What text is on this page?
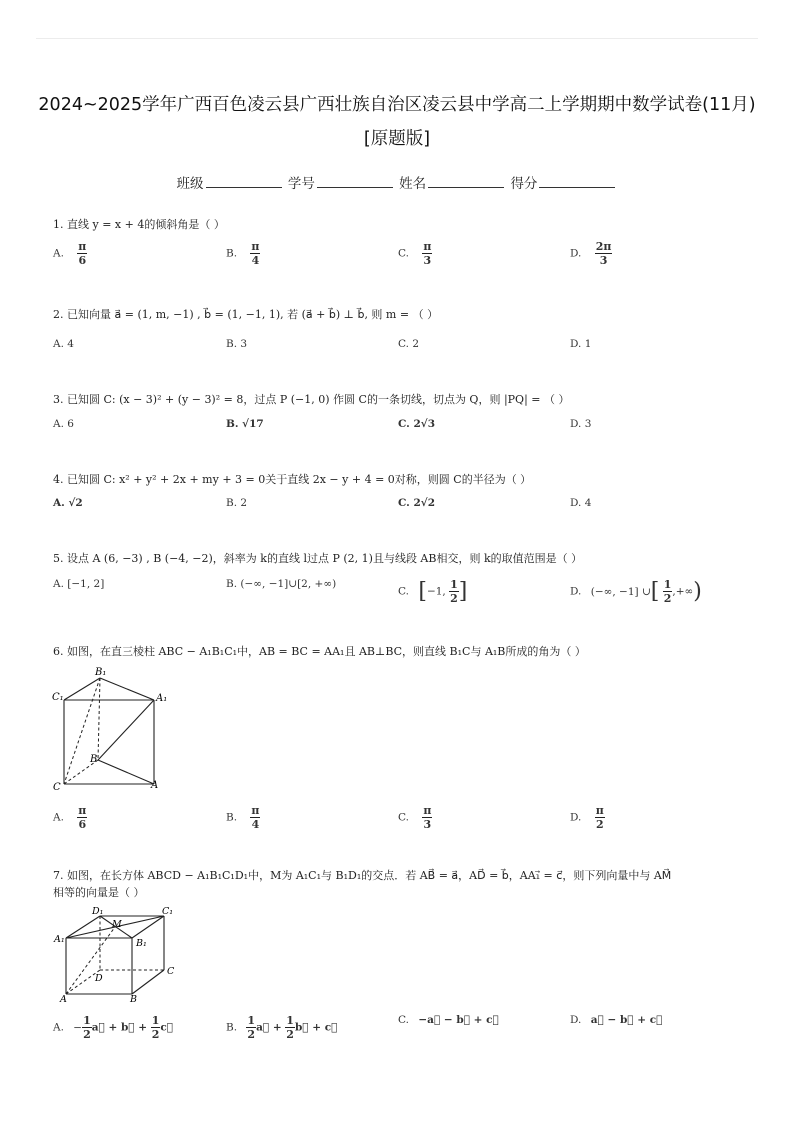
2024~2025学年广西百色凌云县广西壮族自治区凌云县中学高二上学期期中数学试卷(11月)[原题版]
班级	学号	姓名	得分
1. 直线 y = x + 4的倾斜角是（ ）
A. $\frac{\pi}{6}$	B. $\frac{\pi}{4}$	C. $\frac{\pi}{3}$	D. $\frac{2\pi}{3}$
2. 已知向量 a⃗ = (1, m, −1) , b⃗ = (1, −1, 1), 若 (a⃗ + b⃗) ⊥ b⃗, 则 m = （ ）
A. 4	B. 3	C. 2	D. 1
3. 已知圆 C: (x − 3)² + (y − 3)² = 8，过点 P (−1, 0) 作圆 C的一条切线，切点为 Q，则 |PQ| = （ ）
A. 6	B. √17	C. 2√3	D. 3
4. 已知圆 C: x² + y² + 2x + my + 3 = 0关于直线 2x − y + 4 = 0对称，则圆 C的半径为（ ）
A. √2	B. 2	C. 2√2	D. 4
5. 设点 A (6, −3) , B (−4, −2)，斜率为 k的直线 l过点 P (2, 1)且与线段 AB相交，则 k的取值范围是（ ）
A. [−1, 2]	B. (−∞, −1]∪[2, +∞)
C. [−1, $\frac{1}{2}$ ]	D. (−∞, −1] ∪[ $\frac{1}{2}$ ,+∞)
6. 如图，在直三棱柱 ABC − A₁B₁C₁中，AB = BC = AA₁且 AB⊥BC，则直线 B₁C与 A₁B所成的角为（ ）
B₁
C₁	A₁
B
C	A
A. $\frac{\pi}{6}$	B. $\frac{\pi}{4}$	C. $\frac{\pi}{3}$	D. $\frac{\pi}{2}$
7. 如图，在长方体 ABCD − A₁B₁C₁D₁中，M为 A₁C₁与 B₁D₁的交点．若 AB⃗ = a⃗，AD⃗ = b⃗，AA₁⃗ = c⃗，则下列向量中与 AM⃗
相等的向量是（ ）
D₁	C₁
M
A₁	B₁
D
C
A	B
A. − $\frac{1}{2}$ a⃗ + b⃗ + $\frac{1}{2}$ c⃗	B. $\frac{1}{2}$ a⃗ + $\frac{1}{2}$ b⃗ + c⃗
C. −a⃗ − b⃗ + c⃗	D. a⃗ − b⃗ + c⃗
